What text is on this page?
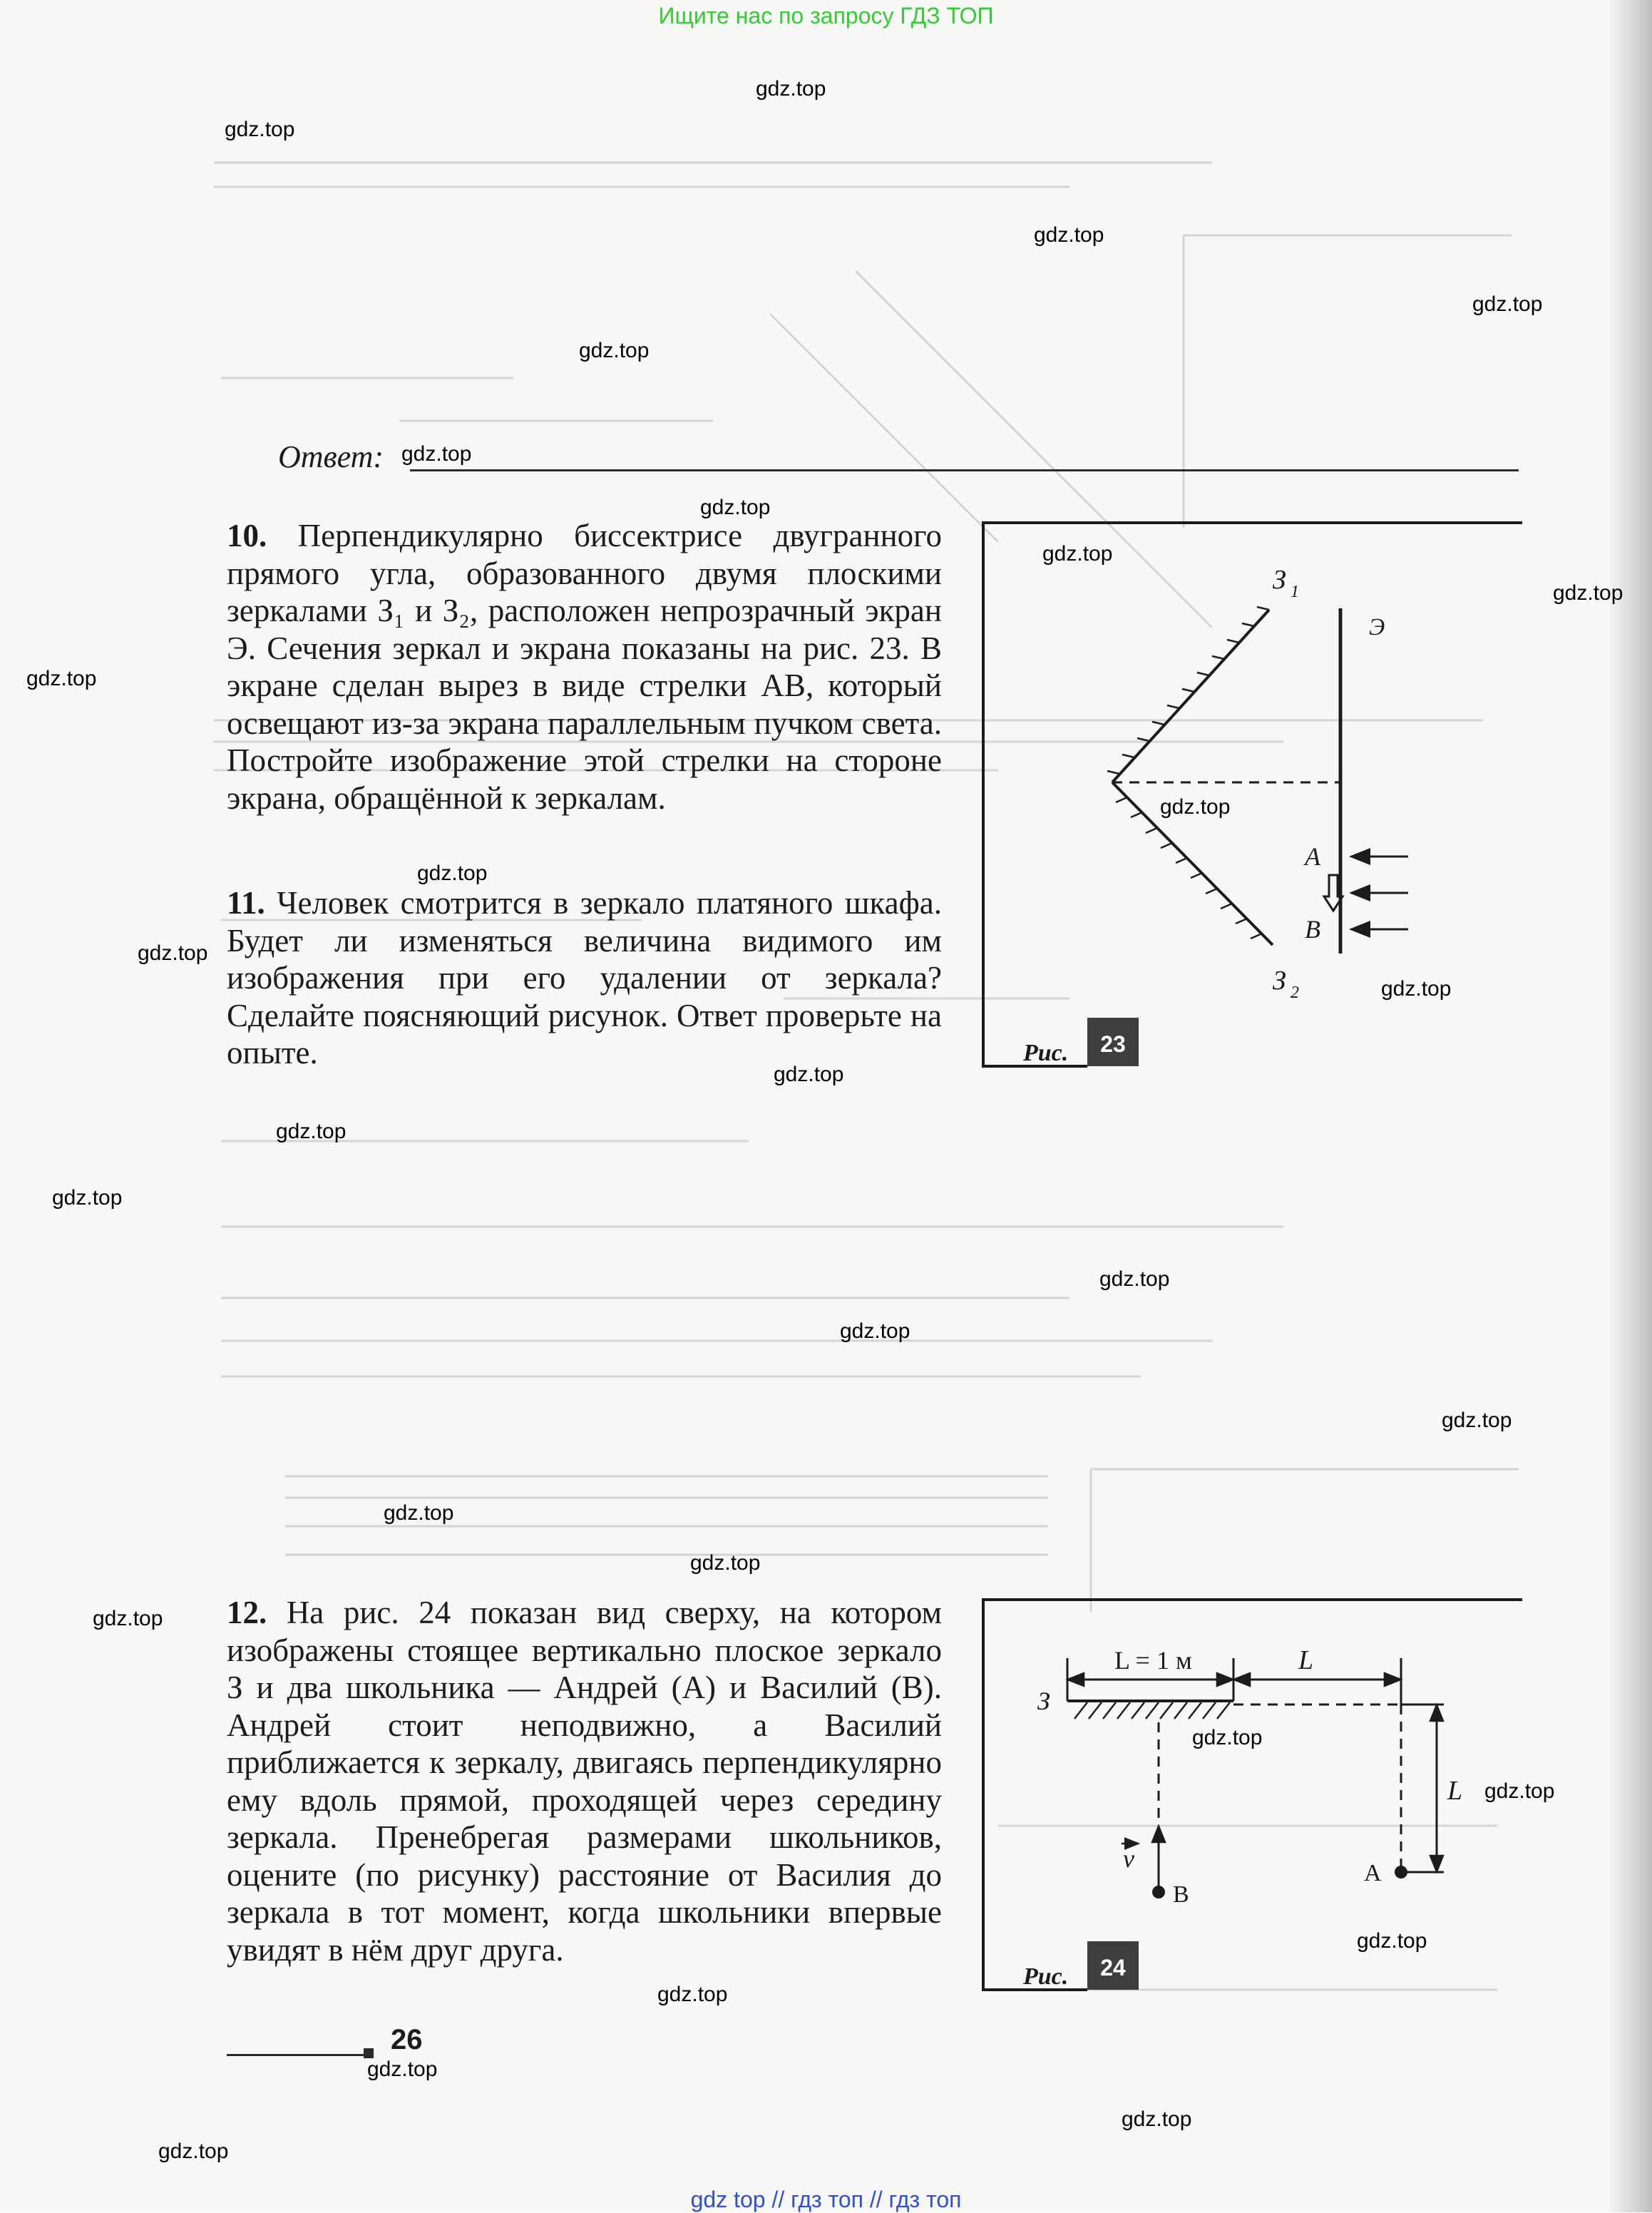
Ищите нас по запросу ГДЗ ТОП
Ответ:
10. Перпендикулярно биссектрисе двугранного прямого угла, образованного двумя плоскими зеркалами З₁ и З₂, расположен непрозрачный экран Э. Сечения зеркал и экрана показаны на рис. 23. В экране сделан вырез в виде стрелки AB, который освещают из-за экрана параллельным пучком света. Постройте изображение этой стрелки на стороне экрана, обращённой к зеркалам.
З 1
З 2
Э
A
B
Рис. 23
11. Человек смотрится в зеркало платяного шкафа. Будет ли изменяться величина видимого им изображения при его удалении от зеркала? Сделайте поясняющий рисунок. Ответ проверьте на опыте.
12. На рис. 24 показан вид сверху, на котором изображены стоящее вертикально плоское зеркало З и два школьника — Андрей (А) и Василий (В). Андрей стоит неподвижно, а Василий приближается к зеркалу, двигаясь перпендикулярно ему вдоль прямой, проходящей через середину зеркала. Пренебрегая размерами школьников, оцените (по рисунку) расстояние от Василия до зеркала в тот момент, когда школьники впервые увидят в нём друг друга.
З
L = 1 м	L
L
A
B
v
Рис. 24
26
gdz.top
gdz.top
gdz.top
gdz.top
gdz.top
gdz.top
gdz.top
gdz.top
gdz.top
gdz.top
gdz.top
gdz.top
gdz.top
gdz.top
gdz.top
gdz.top
gdz.top
gdz.top
gdz.top
gdz.top
gdz.top
gdz.top
gdz.top
gdz.top
gdz.top
gdz.top
gdz.top
gdz.top
gdz.top
gdz.top
gdz top // гдз топ // гдз топ
